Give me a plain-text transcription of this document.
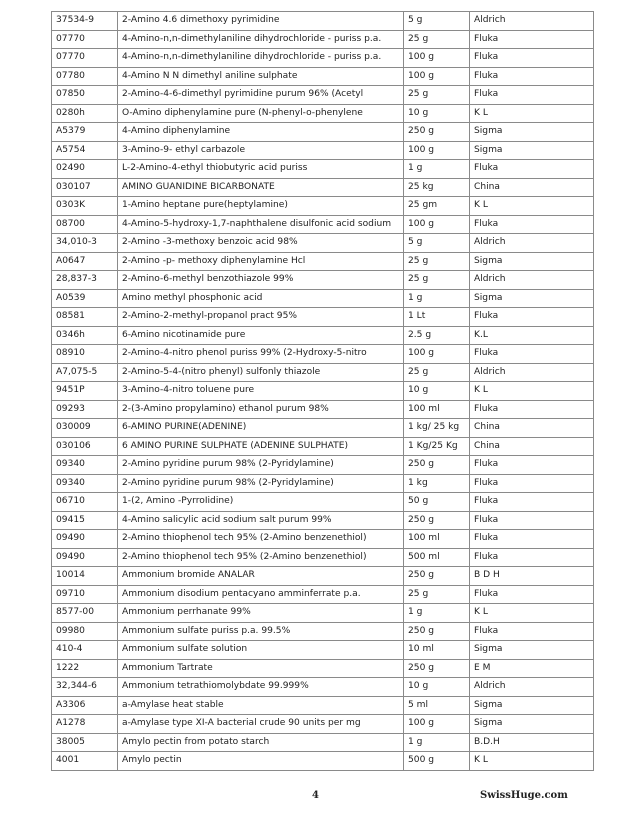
37534-9	2-Amino 4.6 dimethoxy pyrimidine	5 g	Aldrich
07770	4-Amino-n,n-dimethylaniline dihydrochloride - puriss p.a.	25 g	Fluka
07770	4-Amino-n,n-dimethylaniline dihydrochloride - puriss p.a.	100 g	Fluka
07780	4-Amino N N dimethyl aniline sulphate	100 g	Fluka
07850	2-Amino-4-6-dimethyl pyrimidine purum 96% (Acetyl	25 g	Fluka
0280h	O-Amino diphenylamine pure (N-phenyl-o-phenylene	10 g	K L
A5379	4-Amino diphenylamine	250 g	Sigma
A5754	3-Amino-9- ethyl carbazole	100 g	Sigma
02490	L-2-Amino-4-ethyl thiobutyric acid puriss	1 g	Fluka
030107	AMINO GUANIDINE BICARBONATE	25 kg	China
0303K	1-Amino heptane pure(heptylamine)	25 gm	K L
08700	4-Amino-5-hydroxy-1,7-naphthalene disulfonic acid sodium	100 g	Fluka
34,010-3	2-Amino -3-methoxy benzoic acid 98%	5 g	Aldrich
A0647	2-Amino -p- methoxy diphenylamine Hcl	25 g	Sigma
28,837-3	2-Amino-6-methyl benzothiazole 99%	25 g	Aldrich
A0539	Amino methyl phosphonic acid	1 g	Sigma
08581	2-Amino-2-methyl-propanol pract 95%	1 Lt	Fluka
0346h	6-Amino nicotinamide pure	2.5 g	K.L
08910	2-Amino-4-nitro phenol puriss 99% (2-Hydroxy-5-nitro	100 g	Fluka
A7,075-5	2-Amino-5-4-(nitro phenyl) sulfonly thiazole	25 g	Aldrich
9451P	3-Amino-4-nitro toluene pure	10 g	K L
09293	2-(3-Amino propylamino) ethanol purum 98%	100 ml	Fluka
030009	6-AMINO PURINE(ADENINE)	1 kg/ 25 kg	China
030106	6 AMINO PURINE SULPHATE (ADENINE SULPHATE)	1 Kg/25 Kg	China
09340	2-Amino pyridine purum 98% (2-Pyridylamine)	250 g	Fluka
09340	2-Amino pyridine purum 98% (2-Pyridylamine)	1 kg	Fluka
06710	1-(2, Amino -PyrroIidine)	50 g	Fluka
09415	4-Amino salicylic acid sodium salt purum 99%	250 g	Fluka
09490	2-Amino thiophenol tech 95% (2-Amino benzenethiol)	100 ml	Fluka
09490	2-Amino thiophenol tech 95% (2-Amino benzenethiol)	500 ml	Fluka
10014	Ammonium bromide ANALAR	250 g	B D H
09710	Ammonium disodium pentacyano amminferrate p.a.	25 g	Fluka
8577-00	Ammonium perrhanate 99%	1 g	K L
09980	Ammonium sulfate puriss p.a. 99.5%	250 g	Fluka
410-4	Ammonium sulfate solution	10 ml	Sigma
1222	Ammonium Tartrate	250 g	E M
32,344-6	Ammonium tetrathiomolybdate 99.999%	10 g	Aldrich
A3306	a-Amylase heat stable	5 ml	Sigma
A1278	a-Amylase type XI-A bacterial crude 90 units per mg	100 g	Sigma
38005	Amylo pectin from potato starch	1 g	B.D.H
4001	Amylo pectin	500 g	K L
4	SwissHuge.com
